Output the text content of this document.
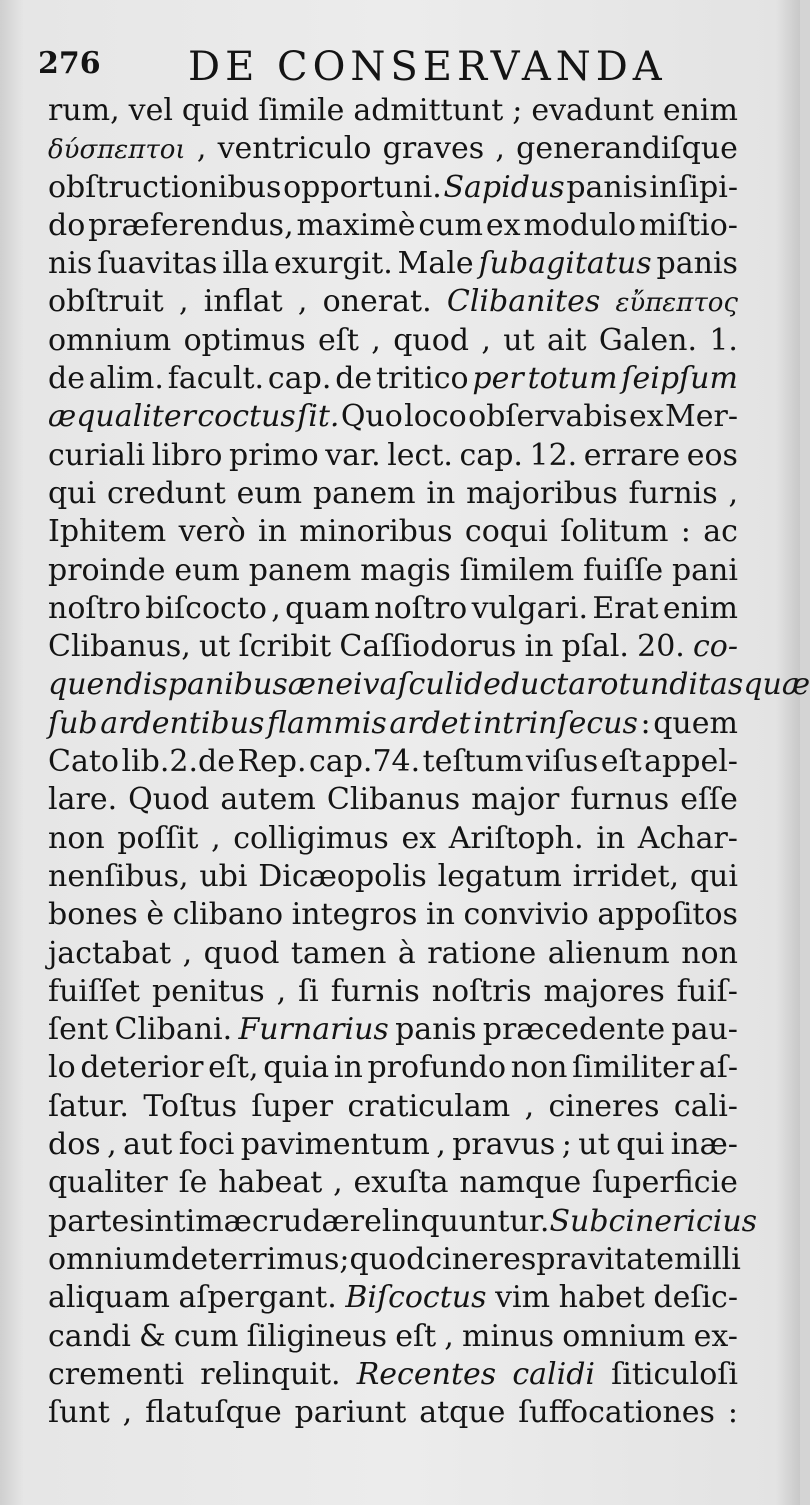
276 DE CONSERVANDA
rum, vel quid ſimile admittunt ; evadunt enim
δύσπεπτοι , ventriculo graves , generandiſque
obſtructionibus opportuni. Sapidus panis inſipi-
do præferendus, maximè cum ex modulo miſtio-
nis ſuavitas illa exurgit. Male ſubagitatus panis
obſtruit , inflat , onerat. Clibanites εὔπεπτος
omnium optimus eſt , quod , ut ait Galen. 1.
de alim. facult. cap. de tritico per totum ſeipſum
æqualiter coctus ſit. Quo loco obſervabis ex Mer-
curiali libro primo var. lect. cap. 12. errare eos
qui credunt eum panem in majoribus furnis ,
Iphitem verò in minoribus coqui ſolitum : ac
proinde eum panem magis ſimilem fuiſſe pani
noſtro biſcocto , quam noſtro vulgari. Erat enim
Clibanus, ut ſcribit Caſſiodorus in pſal. 20. co-
quendis panibus ænei vaſculi deducta rotunditas quæ
ſub ardentibus flammis ardet intrinſecus : quem
Cato lib.2.de Rep. cap.74. teſtum viſus eſt appel-
lare. Quod autem Clibanus major furnus eſſe
non poſſit , colligimus ex Ariſtoph. in Achar-
nenſibus, ubi Dicæopolis legatum irridet, qui
bones è clibano integros in convivio appoſitos
jactabat , quod tamen à ratione alienum non
fuiſſet penitus , ſi furnis noſtris majores fuiſ-
ſent Clibani. Furnarius panis præcedente pau-
lo deterior eſt, quia in profundo non ſimiliter aſ-
ſatur. Toſtus ſuper craticulam , cineres cali-
dos , aut foci pavimentum , pravus ; ut qui inæ-
qualiter ſe habeat , exuſta namque ſuperficie
partes intimæ crudæ relinquuntur. Subcinericius
omnium deterrimus; quod cineres pravitatem illi
aliquam aſpergant. Biſcoctus vim habet deſic-
candi & cum ſiligineus eſt , minus omnium ex-
crementi relinquit. Recentes calidi ſiticuloſi
ſunt , flatuſque pariunt atque ſuffocationes :
